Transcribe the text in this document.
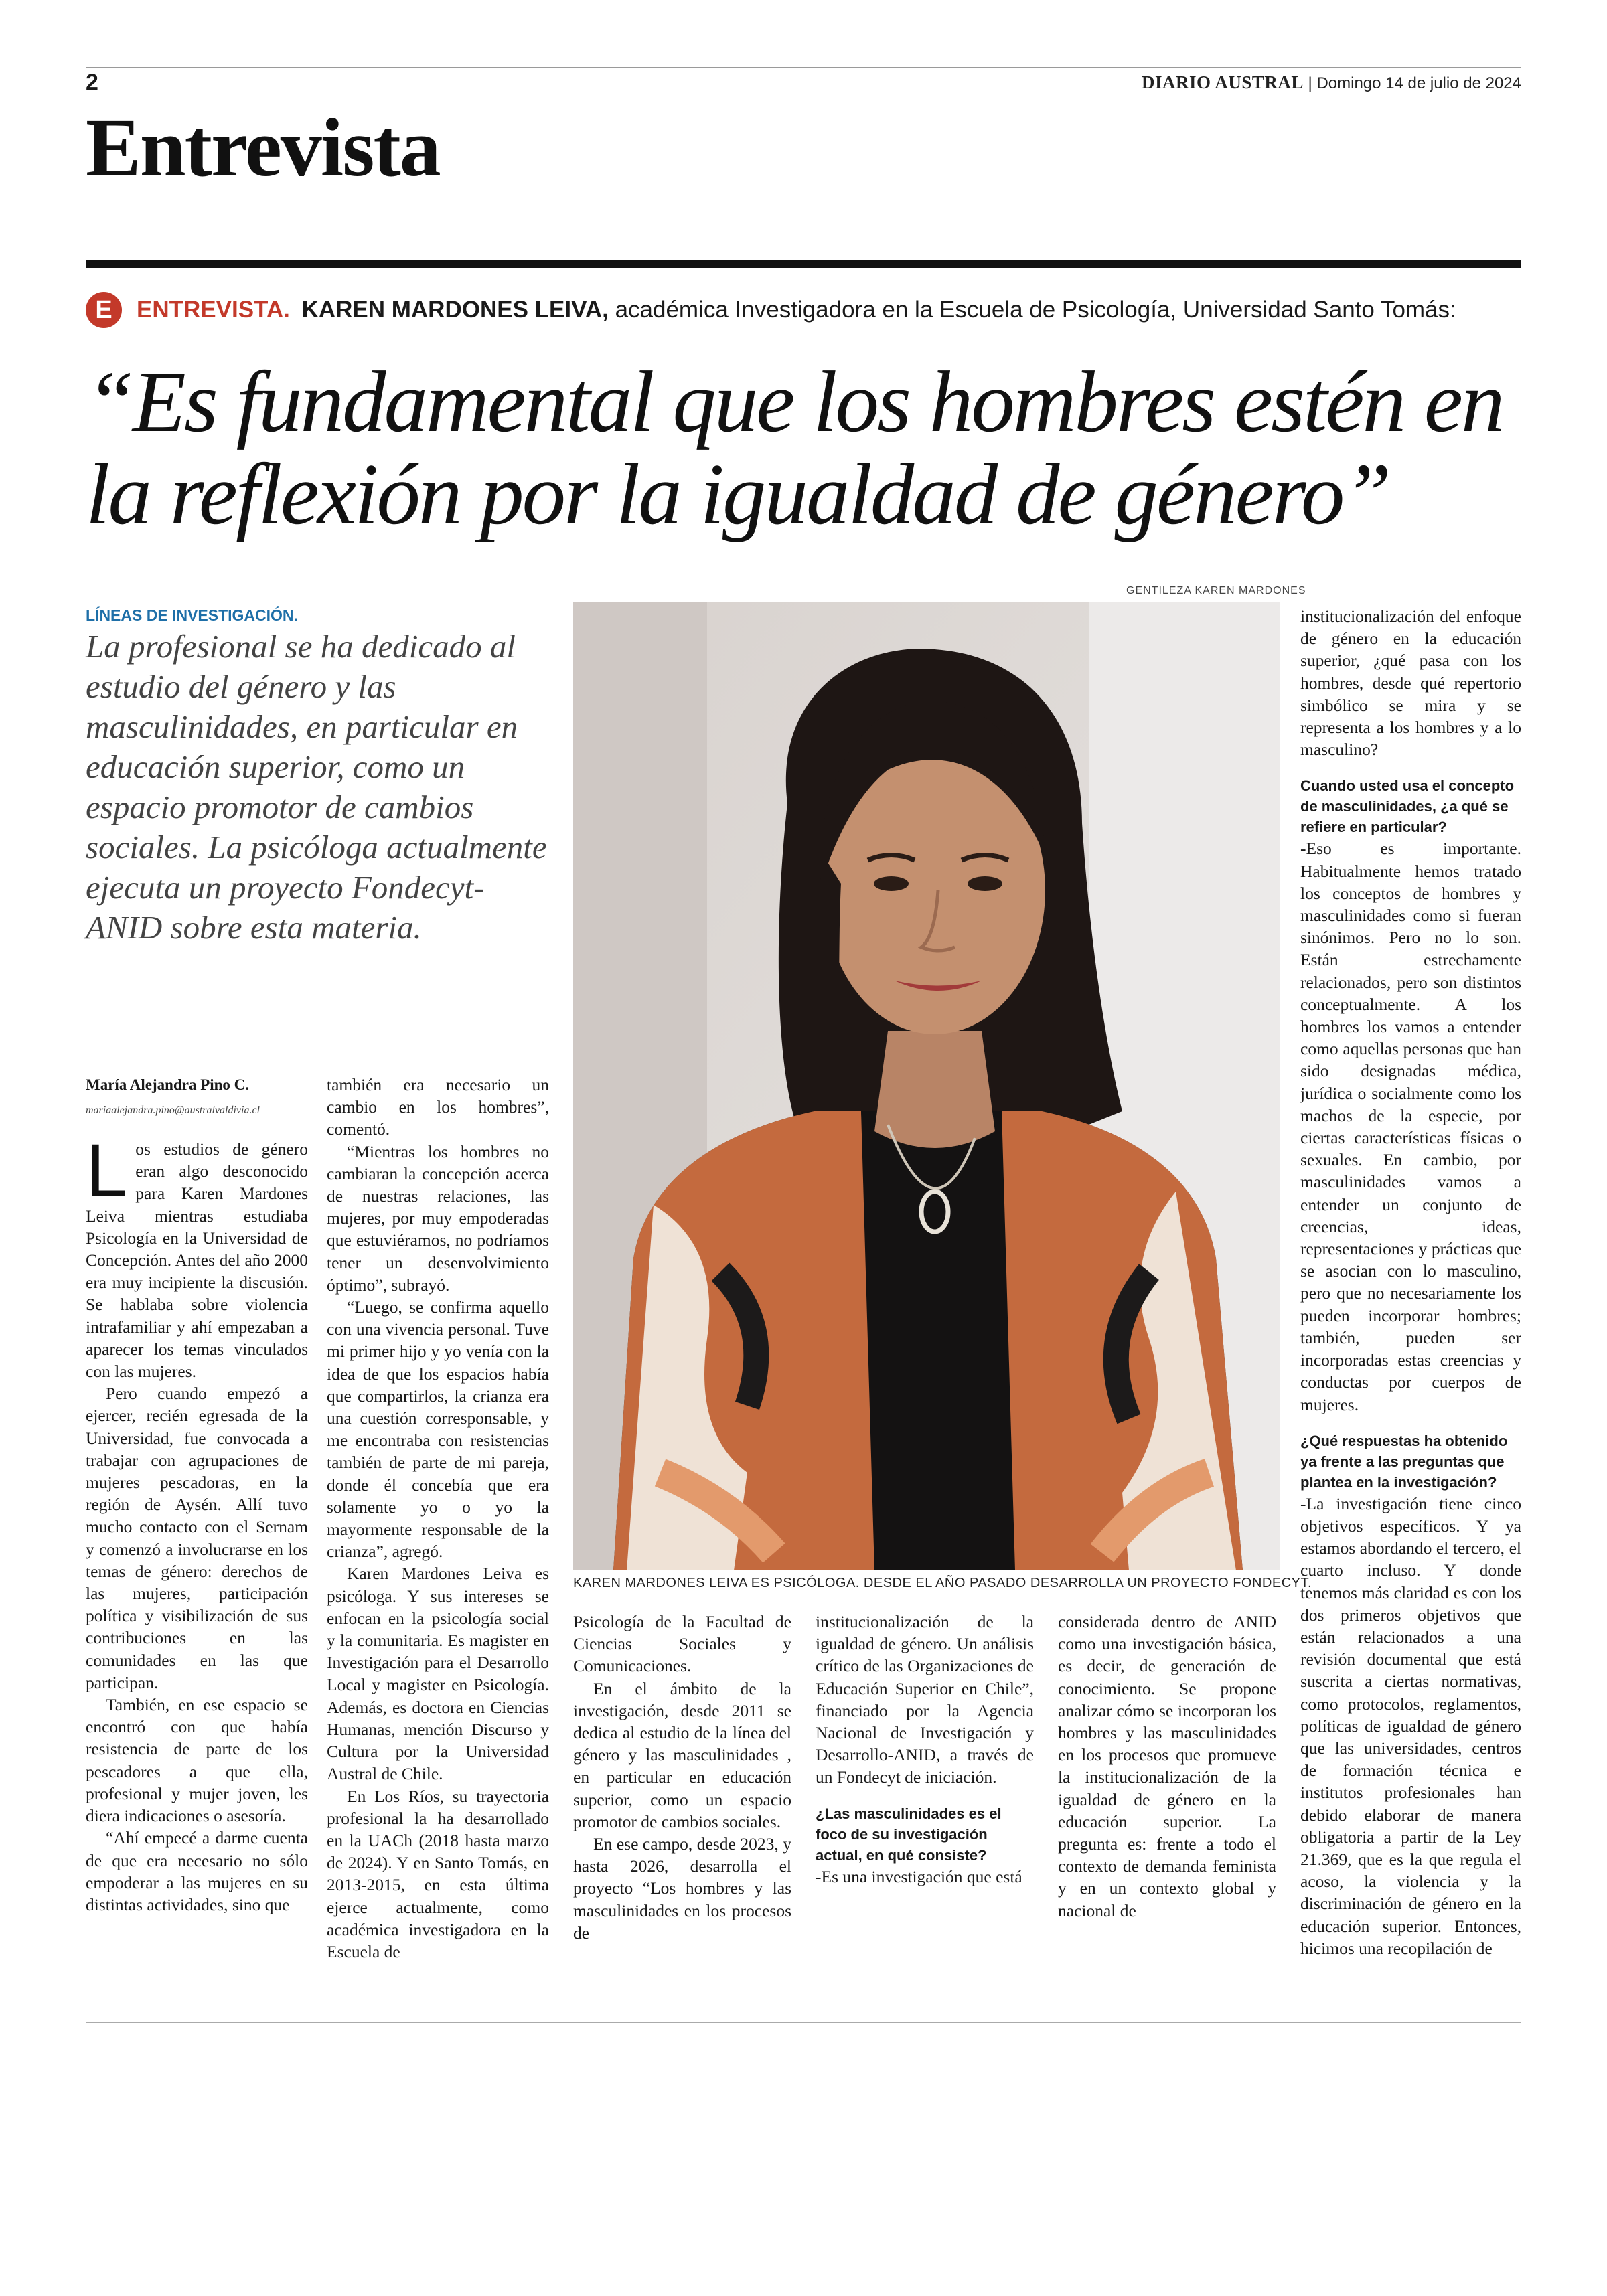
2	DIARIO AUSTRAL | Domingo 14 de julio de 2024
Entrevista
E	ENTREVISTA. KAREN MARDONES LEIVA, académica Investigadora en la Escuela de Psicología, Universidad Santo Tomás:
“Es fundamental que los hombres estén en la reflexión por la igualdad de género”
LÍNEAS DE INVESTIGACIÓN.
La profesional se ha dedicado al estudio del género y las masculinidades, en particular en educación superior, como un espacio promotor de cambios sociales. La psicóloga actualmente ejecuta un proyecto Fondecyt-ANID sobre esta materia.
GENTILEZA KAREN MARDONES
KAREN MARDONES LEIVA ES PSICÓLOGA. DESDE EL AÑO PASADO DESARROLLA UN PROYECTO FONDECYT.
María Alejandra Pino C.
mariaalejandra.pino@australvaldivia.cl

Los estudios de género eran algo desconocido para Karen Mardones Leiva mientras estudiaba Psicología en la Universidad de Concepción. Antes del año 2000 era muy incipiente la discusión. Se hablaba sobre violencia intrafamiliar y ahí empezaban a aparecer los temas vinculados con las mujeres.

Pero cuando empezó a ejercer, recién egresada de la Universidad, fue convocada a trabajar con agrupaciones de mujeres pescadoras, en la región de Aysén. Allí tuvo mucho contacto con el Sernam y comenzó a involucrarse en los temas de género: derechos de las mujeres, participación política y visibilización de sus contribuciones en las comunidades en las que participan.

También, en ese espacio se encontró con que había resistencia de parte de los pescadores a que ella, profesional y mujer joven, les diera indicaciones o asesoría.

“Ahí empecé a darme cuenta de que era necesario no sólo empoderar a las mujeres en su distintas actividades, sino que

también era necesario un cambio en los hombres”, comentó.

“Mientras los hombres no cambiaran la concepción acerca de nuestras relaciones, las mujeres, por muy empoderadas que estuviéramos, no podríamos tener un desenvolvimiento óptimo”, subrayó.

“Luego, se confirma aquello con una vivencia personal. Tuve mi primer hijo y yo venía con la idea de que los espacios había que compartirlos, la crianza era una cuestión corresponsable, y me encontraba con resistencias también de parte de mi pareja, donde él concebía que era solamente yo o yo la mayormente responsable de la crianza”, agregó.

Karen Mardones Leiva es psicóloga. Y sus intereses se enfocan en la psicología social y la comunitaria. Es magister en Investigación para el Desarrollo Local y magister en Psicología. Además, es doctora en Ciencias Humanas, mención Discurso y Cultura por la Universidad Austral de Chile.

En Los Ríos, su trayectoria profesional la ha desarrollado en la UACh (2018 hasta marzo de 2024). Y en Santo Tomás, en 2013-2015, en esta última ejerce actualmente, como académica investigadora en la Escuela de

Psicología de la Facultad de Ciencias Sociales y Comunicaciones.

En el ámbito de la investigación, desde 2011 se dedica al estudio de la línea del género y las masculinidades , en particular en educación superior, como un espacio promotor de cambios sociales.

En ese campo, desde 2023, y hasta 2026, desarrolla el proyecto “Los hombres y las masculinidades en los procesos de

institucionalización de la igualdad de género. Un análisis crítico de las Organizaciones de Educación Superior en Chile”, financiado por la Agencia Nacional de Investigación y Desarrollo-ANID, a través de un Fondecyt de iniciación.

¿Las masculinidades es el foco de su investigación actual, en qué consiste?

-Es una investigación que está

considerada dentro de ANID como una investigación básica, es decir, de generación de conocimiento. Se propone analizar cómo se incorporan los hombres y las masculinidades en los procesos que promueve la institucionalización de la igualdad de género en la educación superior. La pregunta es: frente a todo el contexto de demanda feminista y en un contexto global y nacional de

institucionalización del enfoque de género en la educación superior, ¿qué pasa con los hombres, desde qué repertorio simbólico se mira y se representa a los hombres y a lo masculino?

Cuando usted usa el concepto de masculinidades, ¿a qué se refiere en particular?

-Eso es importante. Habitualmente hemos tratado los conceptos de hombres y masculinidades como si fueran sinónimos. Pero no lo son. Están estrechamente relacionados, pero son distintos conceptualmente. A los hombres los vamos a entender como aquellas personas que han sido designadas médica, jurídica o socialmente como los machos de la especie, por ciertas características físicas o sexuales. En cambio, por masculinidades vamos a entender un conjunto de creencias, ideas, representaciones y prácticas que se asocian con lo masculino, pero que no necesariamente los pueden incorporar hombres; también, pueden ser incorporadas estas creencias y conductas por cuerpos de mujeres.

¿Qué respuestas ha obtenido ya frente a las preguntas que plantea en la investigación?

-La investigación tiene cinco objetivos específicos. Y ya estamos abordando el tercero, el cuarto incluso. Y donde tenemos más claridad es con los dos primeros objetivos que están relacionados a una revisión documental que está suscrita a ciertas normativas, como protocolos, reglamentos, políticas de igualdad de género que las universidades, centros de formación técnica e institutos profesionales han debido elaborar de manera obligatoria a partir de la Ley 21.369, que es la que regula el acoso, la violencia y la discriminación de género en la educación superior. Entonces, hicimos una recopilación de
